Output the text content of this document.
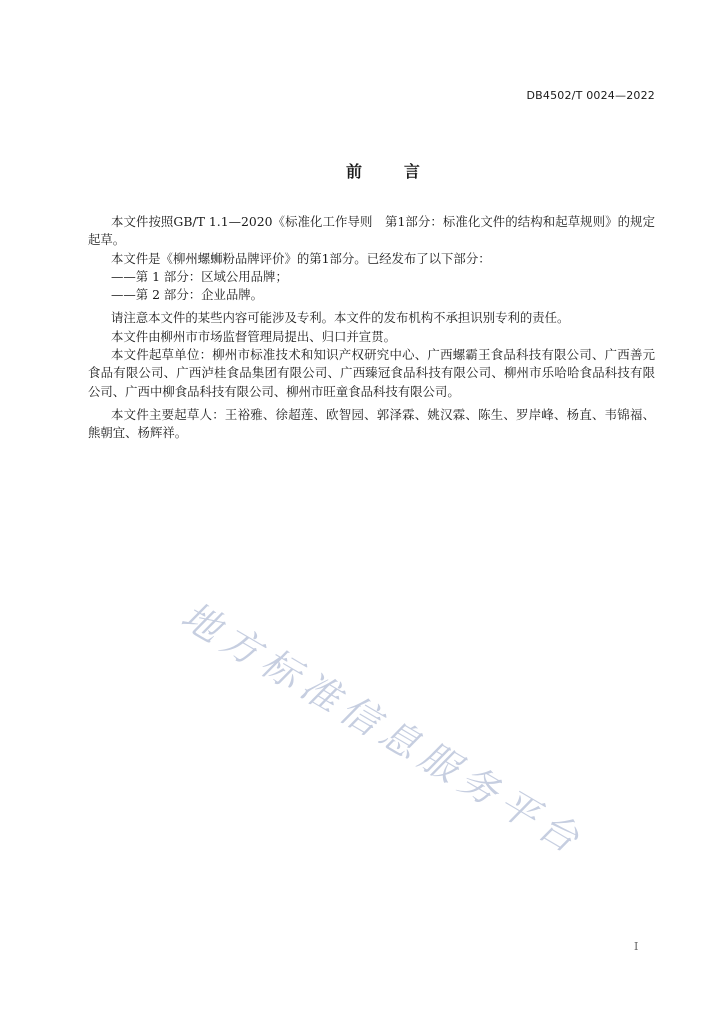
DB4502/T 0024—2022
前　　言
本文件按照GB/T 1.1—2020《标准化工作导则　第1部分：标准化文件的结构和起草规则》的规定
起草。
本文件是《柳州螺蛳粉品牌评价》的第1部分。已经发布了以下部分：
——第 1 部分：区域公用品牌；
——第 2 部分：企业品牌。
请注意本文件的某些内容可能涉及专利。本文件的发布机构不承担识别专利的责任。
本文件由柳州市市场监督管理局提出、归口并宣贯。
本文件起草单位：柳州市标准技术和知识产权研究中心、广西螺霸王食品科技有限公司、广西善元
食品有限公司、广西泸桂食品集团有限公司、广西臻冠食品科技有限公司、柳州市乐哈哈食品科技有限
公司、广西中柳食品科技有限公司、柳州市旺童食品科技有限公司。
本文件主要起草人：王裕雅、徐超莲、欧智园、郭泽霖、姚汉霖、陈生、罗岸峰、杨直、韦锦福、
熊朝宜、杨辉祥。
地方标准信息服务平台
I
